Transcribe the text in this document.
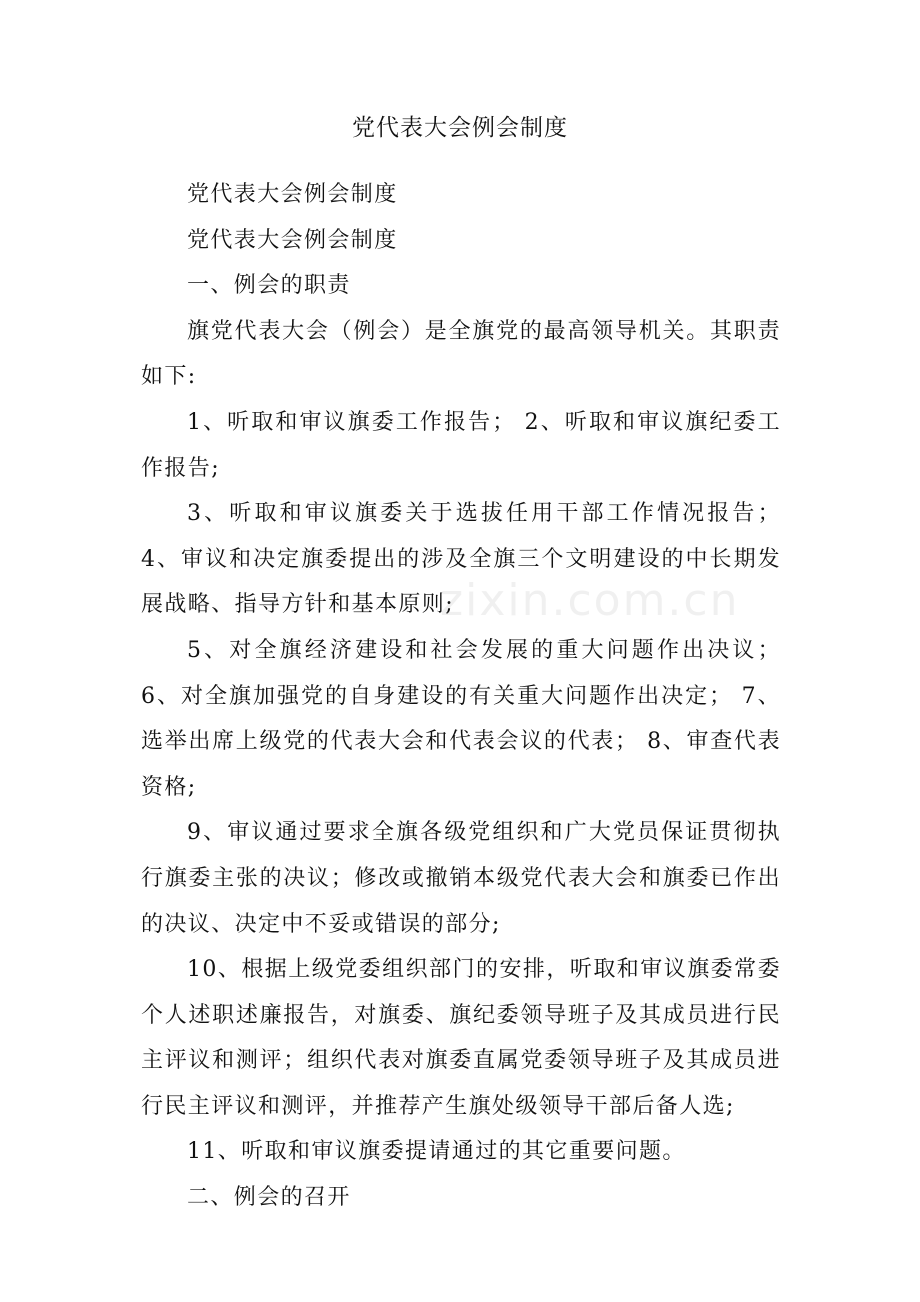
党代表大会例会制度

党代表大会例会制度

党代表大会例会制度

一、例会的职责

旗党代表大会（例会）是全旗党的最高领导机关。其职责如下:

1、听取和审议旗委工作报告； 2、听取和审议旗纪委工作报告;

3、听取和审议旗委关于选拔任用干部工作情况报告； 4、审议和决定旗委提出的涉及全旗三个文明建设的中长期发展战略、指导方针和基本原则;

5、对全旗经济建设和社会发展的重大问题作出决议； 6、对全旗加强党的自身建设的有关重大问题作出决定； 7、选举出席上级党的代表大会和代表会议的代表； 8、审查代表资格;

9、审议通过要求全旗各级党组织和广大党员保证贯彻执行旗委主张的决议；修改或撤销本级党代表大会和旗委已作出的决议、决定中不妥或错误的部分;

10、根据上级党委组织部门的安排，听取和审议旗委常委个人述职述廉报告，对旗委、旗纪委领导班子及其成员进行民主评议和测评；组织代表对旗委直属党委领导班子及其成员进行民主评议和测评，并推荐产生旗处级领导干部后备人选;

11、听取和审议旗委提请通过的其它重要问题。

二、例会的召开

zixin.com.cn
